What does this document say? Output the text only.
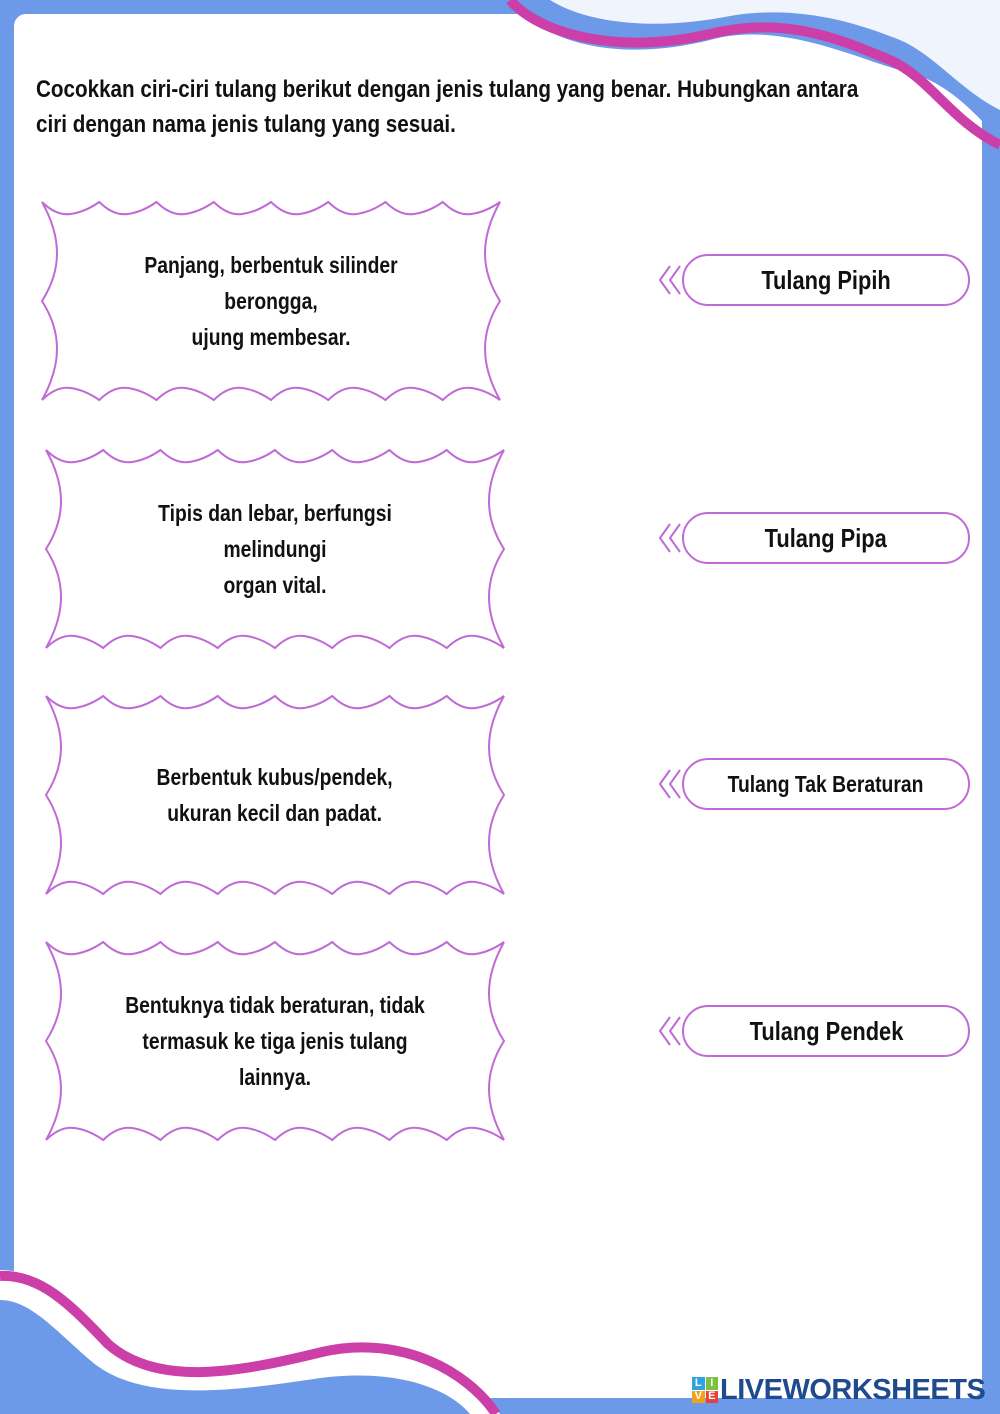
Cocokkan ciri-ciri tulang berikut dengan jenis tulang yang benar. Hubungkan antara ciri dengan nama jenis tulang yang sesuai.

Panjang, berbentuk silinder berongga,
ujung membesar.
Tipis dan lebar, berfungsi melindungi
organ vital.
Berbentuk kubus/pendek,
ukuran kecil dan padat.
Bentuknya tidak beraturan, tidak
termasuk ke tiga jenis tulang lainnya.
Tulang Pipih
Tulang Pipa
Tulang Tak Beraturan
Tulang Pendek
L I
V E LIVEWORKSHEETS
